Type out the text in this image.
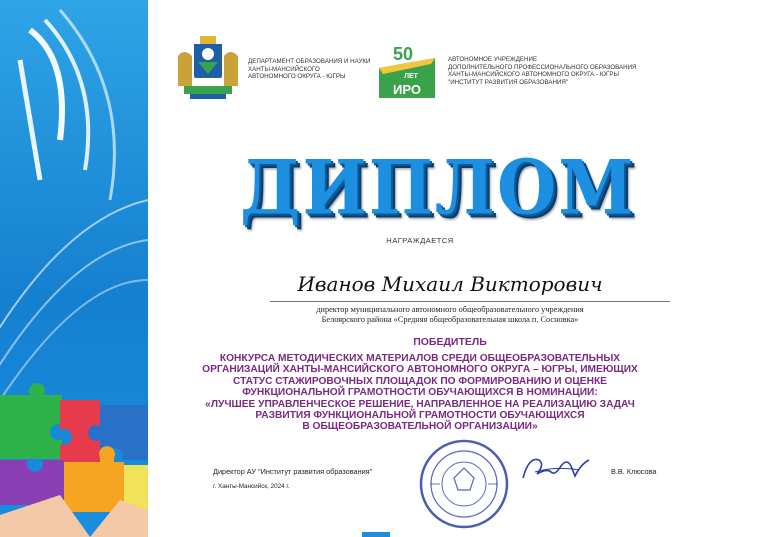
ДЕПАРТАМЕНТ ОБРАЗОВАНИЯ И НАУКИ
ХАНТЫ-МАНСИЙСКОГО
АВТОНОМНОГО ОКРУГА - ЮГРЫ
50
ЛЕТ
ИРО
АВТОНОМНОЕ УЧРЕЖДЕНИЕ
ДОПОЛНИТЕЛЬНОГО ПРОФЕССИОНАЛЬНОГО ОБРАЗОВАНИЯ
ХАНТЫ-МАНСИЙСКОГО АВТОНОМНОГО ОКРУГА - ЮГРЫ
"ИНСТИТУТ РАЗВИТИЯ ОБРАЗОВАНИЯ"
ДИПЛОМ
НАГРАЖДАЕТСЯ
Иванов Михаил Викторович
директор муниципального автономного общеобразовательного учреждения
Белоярского района «Средняя общеобразовательная школа п. Сосновка»
ПОБЕДИТЕЛЬ
КОНКУРСА МЕТОДИЧЕСКИХ МАТЕРИАЛОВ СРЕДИ ОБЩЕОБРАЗОВАТЕЛЬНЫХ
ОРГАНИЗАЦИЙ ХАНТЫ-МАНСИЙСКОГО АВТОНОМНОГО ОКРУГА – ЮГРЫ, ИМЕЮЩИХ
СТАТУС СТАЖИРОВОЧНЫХ ПЛОЩАДОК ПО ФОРМИРОВАНИЮ И ОЦЕНКЕ
ФУНКЦИОНАЛЬНОЙ ГРАМОТНОСТИ ОБУЧАЮЩИХСЯ В НОМИНАЦИИ:
«ЛУЧШЕЕ УПРАВЛЕНЧЕСКОЕ РЕШЕНИЕ, НАПРАВЛЕННОЕ НА РЕАЛИЗАЦИЮ ЗАДАЧ
РАЗВИТИЯ ФУНКЦИОНАЛЬНОЙ ГРАМОТНОСТИ ОБУЧАЮЩИХСЯ
В ОБЩЕОБРАЗОВАТЕЛЬНОЙ ОРГАНИЗАЦИИ»
Директор АУ "Институт развития образования"
г. Ханты-Мансийск, 2024 г.
В.В. Клюсова
